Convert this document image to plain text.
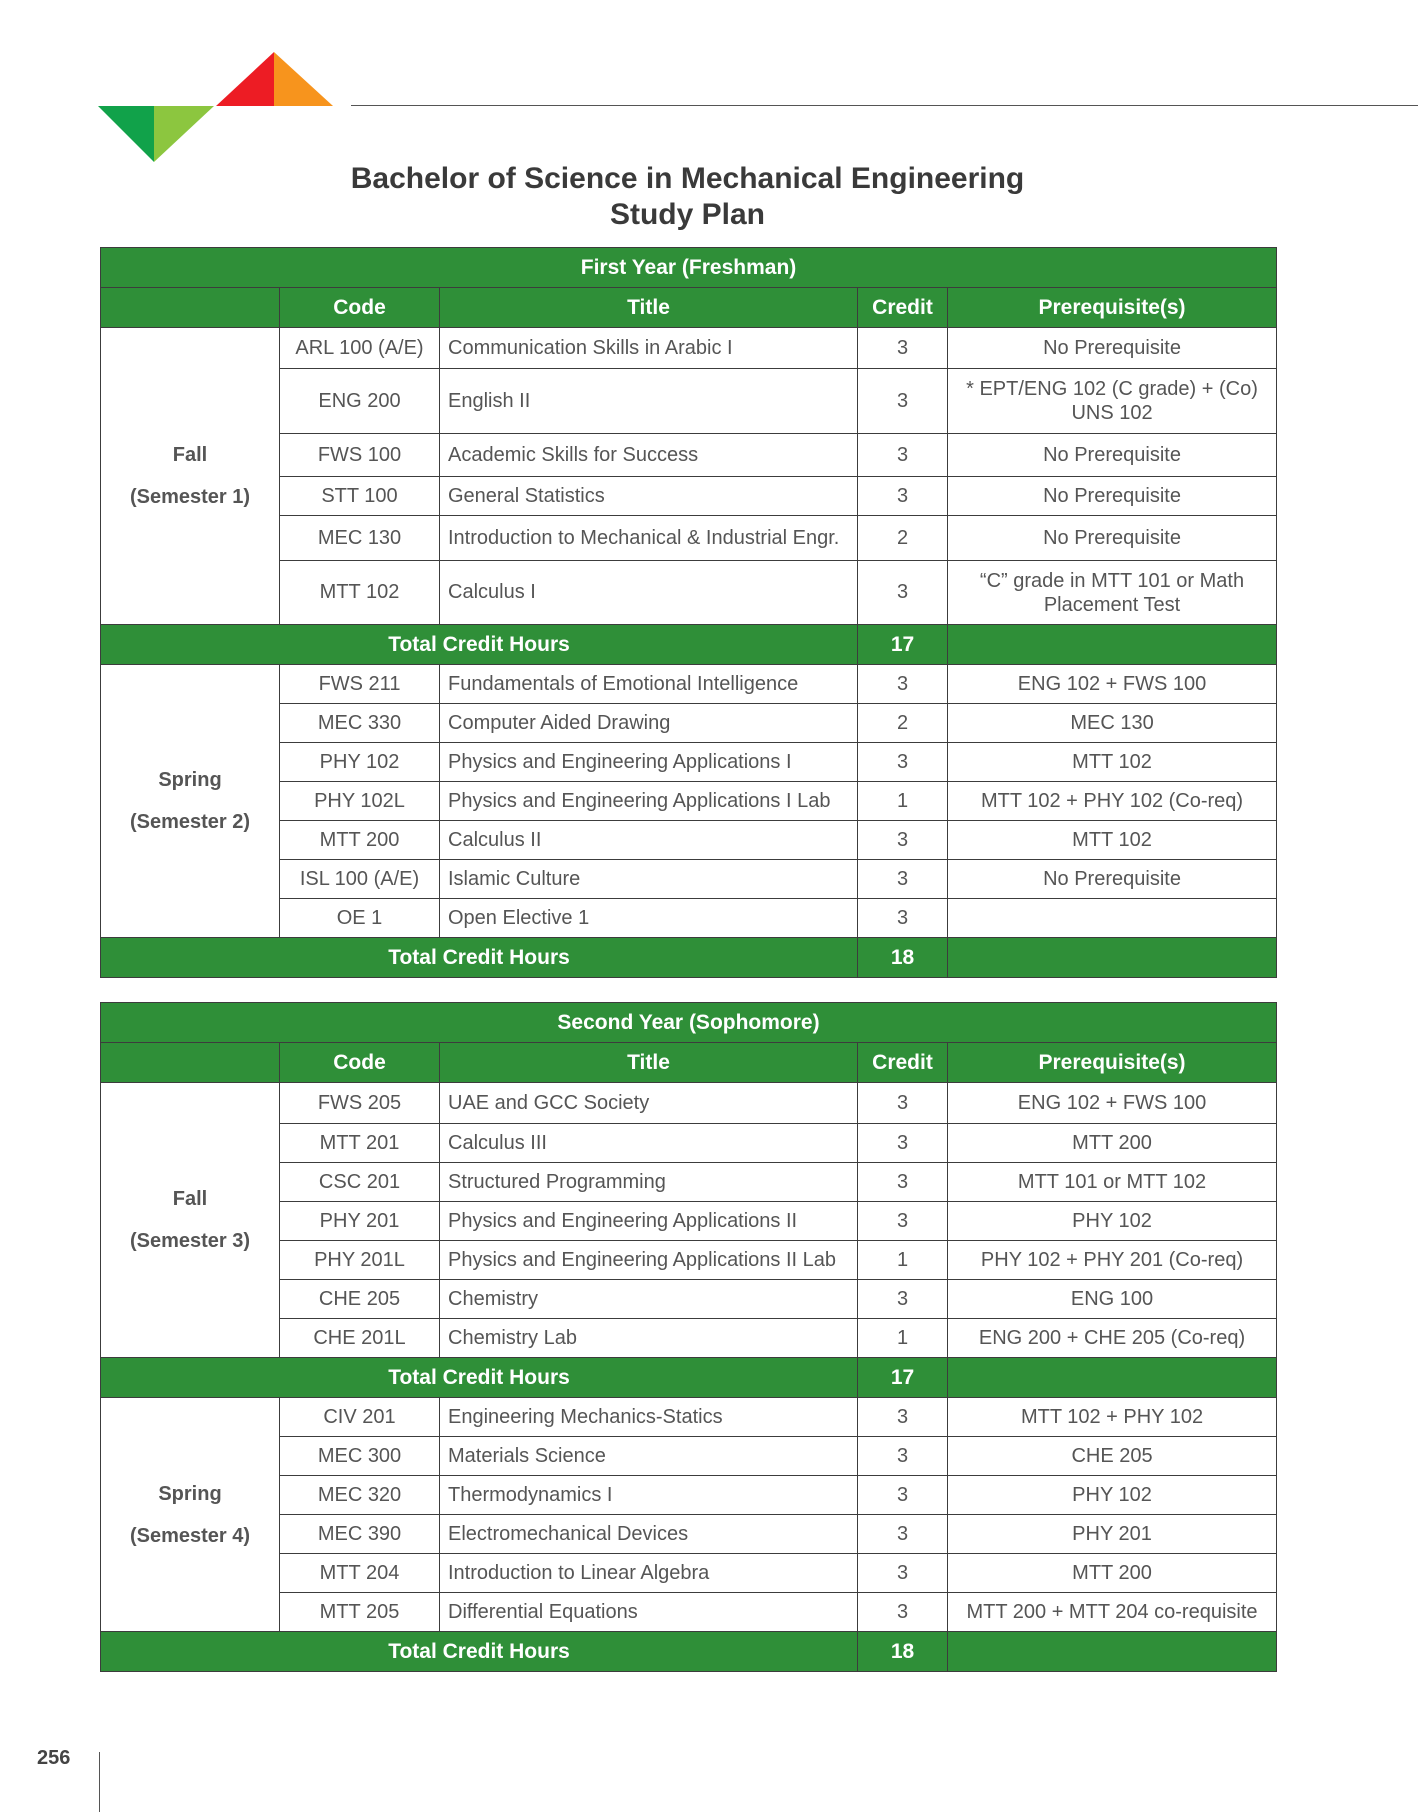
Bachelor of Science in Mechanical Engineering
Study Plan
First Year (Freshman)				
	Code	Title	Credit	Prerequisite(s)

Fall
(Semester 1)	ARL 100 (A/E)	Communication Skills in Arabic I	3	No Prerequisite
	ENG 200	English II	3	* EPT/ENG 102 (C grade) + (Co) UNS 102
	FWS 100	Academic Skills for Success	3	No Prerequisite
	STT 100	General Statistics	3	No Prerequisite
	MEC 130	Introduction to Mechanical & Industrial Engr.	2	No Prerequisite
	MTT 102	Calculus I	3	“C” grade in MTT 101 or Math Placement Test
Total Credit Hours			17	

Spring
(Semester 2)	FWS 211	Fundamentals of Emotional Intelligence	3	ENG 102 + FWS 100
	MEC 330	Computer Aided Drawing	2	MEC 130
	PHY 102	Physics and Engineering Applications I	3	MTT 102
	PHY 102L	Physics and Engineering Applications I Lab	1	MTT 102 + PHY 102 (Co-req)
	MTT 200	Calculus II	3	MTT 102
	ISL 100 (A/E)	Islamic Culture	3	No Prerequisite
	OE 1	Open Elective 1	3	
Total Credit Hours			18	
Second Year (Sophomore)				
	Code	Title	Credit	Prerequisite(s)

Fall
(Semester 3)	FWS 205	UAE and GCC Society	3	ENG 102 + FWS 100
	MTT 201	Calculus III	3	MTT 200
	CSC 201	Structured Programming	3	MTT 101 or MTT 102
	PHY 201	Physics and Engineering Applications II	3	PHY 102
	PHY 201L	Physics and Engineering Applications II Lab	1	PHY 102 + PHY 201 (Co-req)
	CHE 205	Chemistry	3	ENG 100
	CHE 201L	Chemistry Lab	1	ENG 200 + CHE 205 (Co-req)
Total Credit Hours			17	

Spring
(Semester 4)	CIV 201	Engineering Mechanics-Statics	3	MTT 102 + PHY 102
	MEC 300	Materials Science	3	CHE 205
	MEC 320	Thermodynamics I	3	PHY 102
	MEC 390	Electromechanical Devices	3	PHY 201
	MTT 204	Introduction to Linear Algebra	3	MTT 200
	MTT 205	Differential Equations	3	MTT 200 + MTT 204 co-requisite
Total Credit Hours			18	
256
